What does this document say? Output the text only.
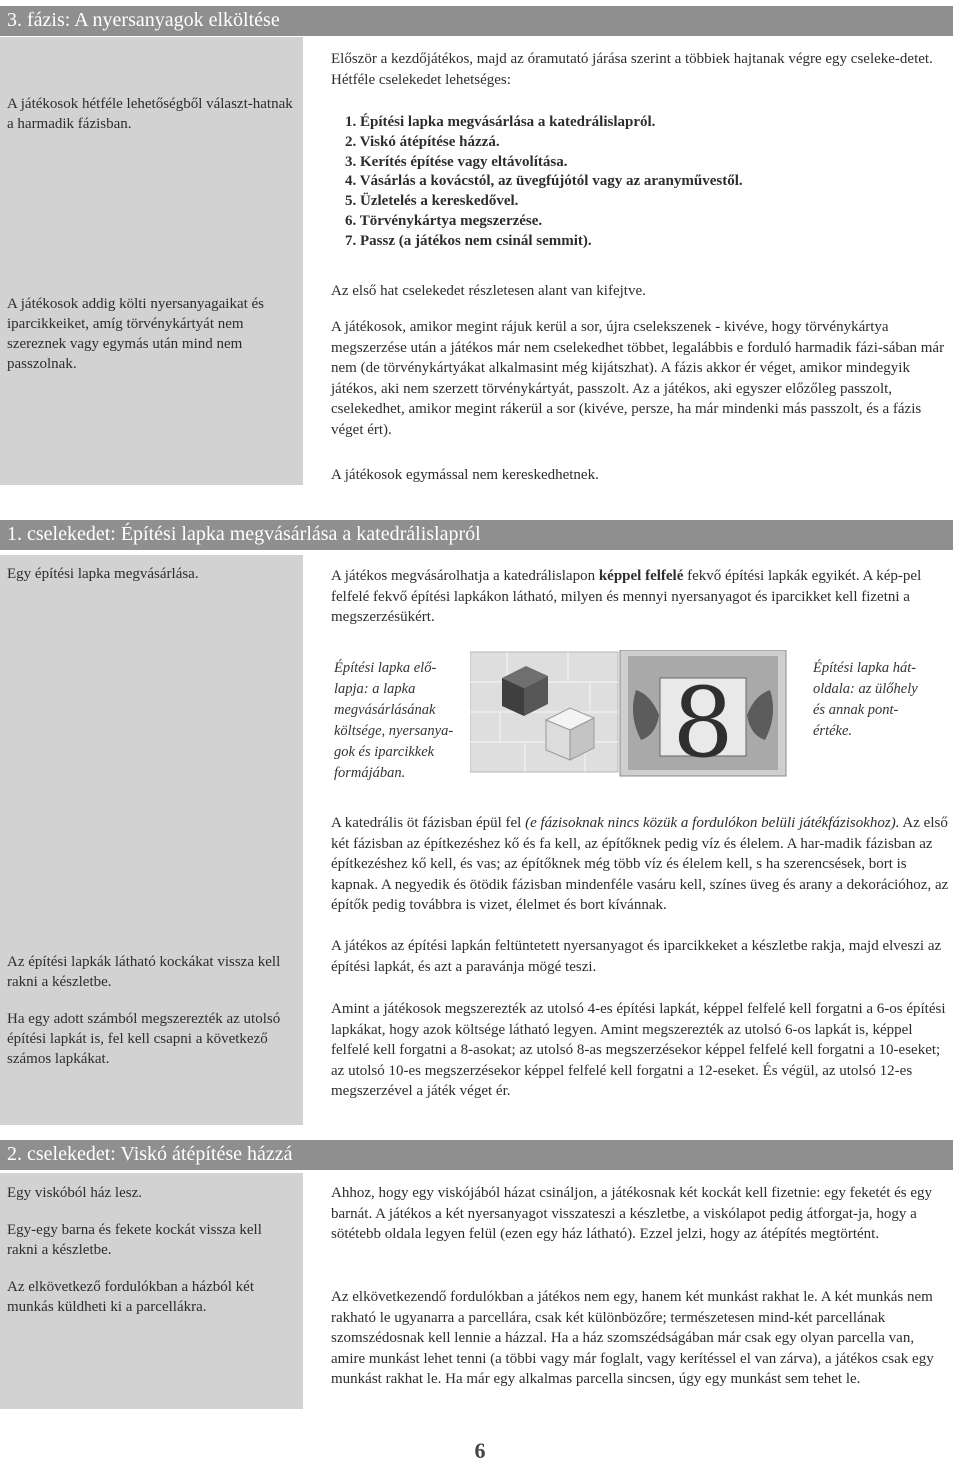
3. fázis: A nyersanyagok elköltése
1. cselekedet: Építési lapka megvásárlása a katedrálislapról
2. cselekedet: Viskó átépítése házzá

A játékosok hétféle lehetőségből választ-hatnak a harmadik fázisban.

A játékosok addig költi nyersanyagaikat és iparcikkeiket, amíg törvénykártyát nem szereznek vagy egymás után mind nem passzolnak.

Először a kezdőjátékos, majd az óramutató járása szerint a többiek hajtanak végre egy cseleke-detet. Hétféle cselekedet lehetséges:

1. Építési lapka megvásárlása a katedrálislapról.
2. Viskó átépítése házzá.
3. Kerítés építése vagy eltávolítása.
4. Vásárlás a kovácstól, az üvegfújótól vagy az aranyművestől.
5. Üzletelés a kereskedővel.
6. Törvénykártya megszerzése.
7. Passz (a játékos nem csinál semmit).

Az első hat cselekedet részletesen alant van kifejtve.

A játékosok, amikor megint rájuk kerül a sor, újra cselekszenek - kivéve, hogy törvénykártya megszerzése után a játékos már nem cselekedhet többet, legalábbis e forduló harmadik fázi-sában már nem (de törvénykártyákat alkalmasint még kijátszhat). A fázis akkor ér véget, amikor mindegyik játékos, aki nem szerzett törvénykártyát, passzolt. Az a játékos, aki egyszer előzőleg passzolt, cselekedhet, amikor megint rákerül a sor (kivéve, persze, ha már mindenki más passzolt, és a fázis véget ért).

A játékosok egymással nem kereskedhetnek.

Egy építési lapka megvásárlása.	A játékos megvásárolhatja a katedrálislapon képpel felfelé fekvő építési lapkák egyikét. A kép-pel felfelé fekvő építési lapkákon látható, milyen és mennyi nyersanyagot és iparcikket kell fizetni a megszerzésükért.

Építési lapka elő-lapja: a lapka megvásárlásának költsége, nyersanya-gok és iparcikkek formájában.
Építési lapka hát-oldala: az ülőhely és annak pont-értéke.
8

A katedrális öt fázisban épül fel (e fázisoknak nincs közük a fordulókon belüli játékfázisokhoz). Az első két fázisban az építkezéshez kő és fa kell, az építőknek pedig víz és élelem. A har-madik fázisban az építkezéshez kő kell, és vas; az építőknek még több víz és élelem kell, s ha szerencsések, bort is kapnak. A negyedik és ötödik fázisban mindenféle vasáru kell, színes üveg és arany a dekorációhoz, az építők pedig továbbra is vizet, élelmet és bort kívánnak.

Az építési lapkák látható kockákat vissza kell rakni a készletbe.

Ha egy adott számból megszerezték az utolsó építési lapkát is, fel kell csapni a következő számos lapkákat.

A játékos az építési lapkán feltüntetett nyersanyagot és iparcikkeket a készletbe rakja, majd elveszi az építési lapkát, és azt a paravánja mögé teszi.

Amint a játékosok megszerezték az utolsó 4-es építési lapkát, képpel felfelé kell forgatni a 6-os építési lapkákat, hogy azok költsége látható legyen. Amint megszerezték az utolsó 6-os lapkát is, képpel felfelé kell forgatni a 8-asokat; az utolsó 8-as megszerzésekor képpel felfelé kell forgatni a 10-eseket; az utolsó 10-es megszerzésekor képpel felfelé kell forgatni a 12-eseket. És végül, az utolsó 12-es megszerzével a játék véget ér.

Egy viskóból ház lesz.

Egy-egy barna és fekete kockát vissza kell rakni a készletbe.

Az elkövetkező fordulókban a házból két munkás küldheti ki a parcellákra.

Ahhoz, hogy egy viskójából házat csináljon, a játékosnak két kockát kell fizetnie: egy feketét és egy barnát. A játékos a két nyersanyagot visszateszi a készletbe, a viskólapot pedig átforgat-ja, hogy a sötétebb oldala legyen felül (ezen egy ház látható). Ezzel jelzi, hogy az átépítés megtörtént.

Az elkövetkezendő fordulókban a játékos nem egy, hanem két munkást rakhat le. A két munkás nem rakható le ugyanarra a parcellára, csak két különbözőre; természetesen mind-két parcellának szomszédosnak kell lennie a házzal. Ha a ház szomszédságában már csak egy olyan parcella van, amire munkást lehet tenni (a többi vagy már foglalt, vagy kerítéssel el van zárva), a játékos csak egy munkást rakhat le. Ha már egy alkalmas parcella sincsen, úgy egy munkást sem tehet le.

6
